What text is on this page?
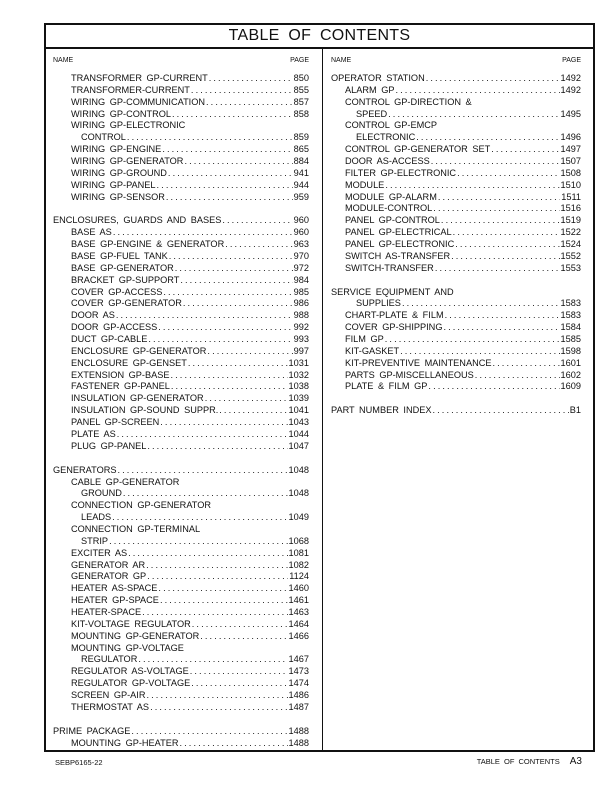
TABLE OF CONTENTS
NAME	PAGE
TRANSFORMER GP-CURRENT .....	850
TRANSFORMER-CURRENT .....	855
WIRING GP-COMMUNICATION .....	857
WIRING GP-CONTROL .....	858
WIRING GP-ELECTRONIC
CONTROL .....	859
WIRING GP-ENGINE .....	865
WIRING GP-GENERATOR .....	884
WIRING GP-GROUND .....	941
WIRING GP-PANEL .....	944
WIRING GP-SENSOR .....	959
ENCLOSURES, GUARDS AND BASES .....	960
BASE AS .....	960
BASE GP-ENGINE & GENERATOR .....	963
BASE GP-FUEL TANK .....	970
BASE GP-GENERATOR .....	972
BRACKET GP-SUPPORT .....	984
COVER GP-ACCESS .....	985
COVER GP-GENERATOR .....	986
DOOR AS .....	988
DOOR GP-ACCESS .....	992
DUCT GP-CABLE .....	993
ENCLOSURE GP-GENERATOR .....	997
ENCLOSURE GP-GENSET .....	1031
EXTENSION GP-BASE .....	1032
FASTENER GP-PANEL .....	1038
INSULATION GP-GENERATOR .....	1039
INSULATION GP-SOUND SUPPR. .....	1041
PANEL GP-SCREEN .....	1043
PLATE AS .....	1044
PLUG GP-PANEL .....	1047
GENERATORS .....	1048
CABLE GP-GENERATOR
GROUND .....	1048
CONNECTION GP-GENERATOR
LEADS .....	1049
CONNECTION GP-TERMINAL
STRIP .....	1068
EXCITER AS .....	1081
GENERATOR AR .....	1082
GENERATOR GP .....	1124
HEATER AS-SPACE .....	1460
HEATER GP-SPACE .....	1461
HEATER-SPACE .....	1463
KIT-VOLTAGE REGULATOR .....	1464
MOUNTING GP-GENERATOR .....	1466
MOUNTING GP-VOLTAGE
REGULATOR .....	1467
REGULATOR AS-VOLTAGE .....	1473
REGULATOR GP-VOLTAGE .....	1474
SCREEN GP-AIR .....	1486
THERMOSTAT AS .....	1487
PRIME PACKAGE .....	1488
MOUNTING GP-HEATER .....	1488
NAME	PAGE
OPERATOR STATION .....	1492
ALARM GP .....	1492
CONTROL GP-DIRECTION &
SPEED .....	1495
CONTROL GP-EMCP
ELECTRONIC .....	1496
CONTROL GP-GENERATOR SET .....	1497
DOOR AS-ACCESS .....	1507
FILTER GP-ELECTRONIC .....	1508
MODULE .....	1510
MODULE GP-ALARM .....	1511
MODULE-CONTROL .....	1516
PANEL GP-CONTROL .....	1519
PANEL GP-ELECTRICAL .....	1522
PANEL GP-ELECTRONIC .....	1524
SWITCH AS-TRANSFER .....	1552
SWITCH-TRANSFER .....	1553
SERVICE EQUIPMENT AND
SUPPLIES .....	1583
CHART-PLATE & FILM .....	1583
COVER GP-SHIPPING .....	1584
FILM GP .....	1585
KIT-GASKET .....	1598
KIT-PREVENTIVE MAINTENANCE .....	1601
PARTS GP-MISCELLANEOUS .....	1602
PLATE & FILM GP .....	1609
PART NUMBER INDEX .....	B1
SEBP6165-22	TABLE OF CONTENTS A3
